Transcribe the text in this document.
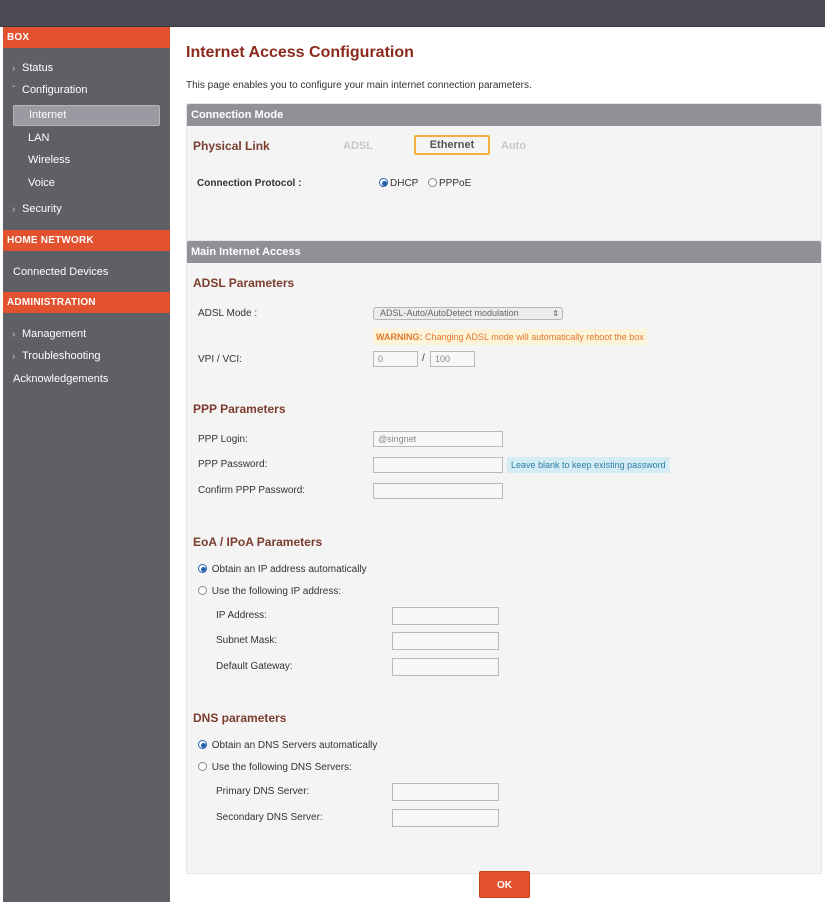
BOX
› Status
ˇ Configuration
Internet
LAN
Wireless
Voice
› Security
HOME NETWORK
Connected Devices
ADMINISTRATION
› Management
› Troubleshooting
Acknowledgements
Internet Access Configuration
This page enables you to configure your main internet connection parameters.
Connection Mode
Physical Link	ADSL	Ethernet	Auto
Connection Protocol :	DHCP	PPPoE
Main Internet Access
ADSL Parameters
ADSL Mode :	ADSL-Auto/AutoDetect modulation	⇕
WARNING: Changing ADSL mode will automatically reboot the box
VPI / VCI:	0	/	100
PPP Parameters
PPP Login:	@singnet
PPP Password:	Leave blank to keep existing password
Confirm PPP Password:
EoA / IPoA Parameters
Obtain an IP address automatically
Use the following IP address:
IP Address:
Subnet Mask:
Default Gateway:
DNS parameters
Obtain an DNS Servers automatically
Use the following DNS Servers:
Primary DNS Server:
Secondary DNS Server:
OK
